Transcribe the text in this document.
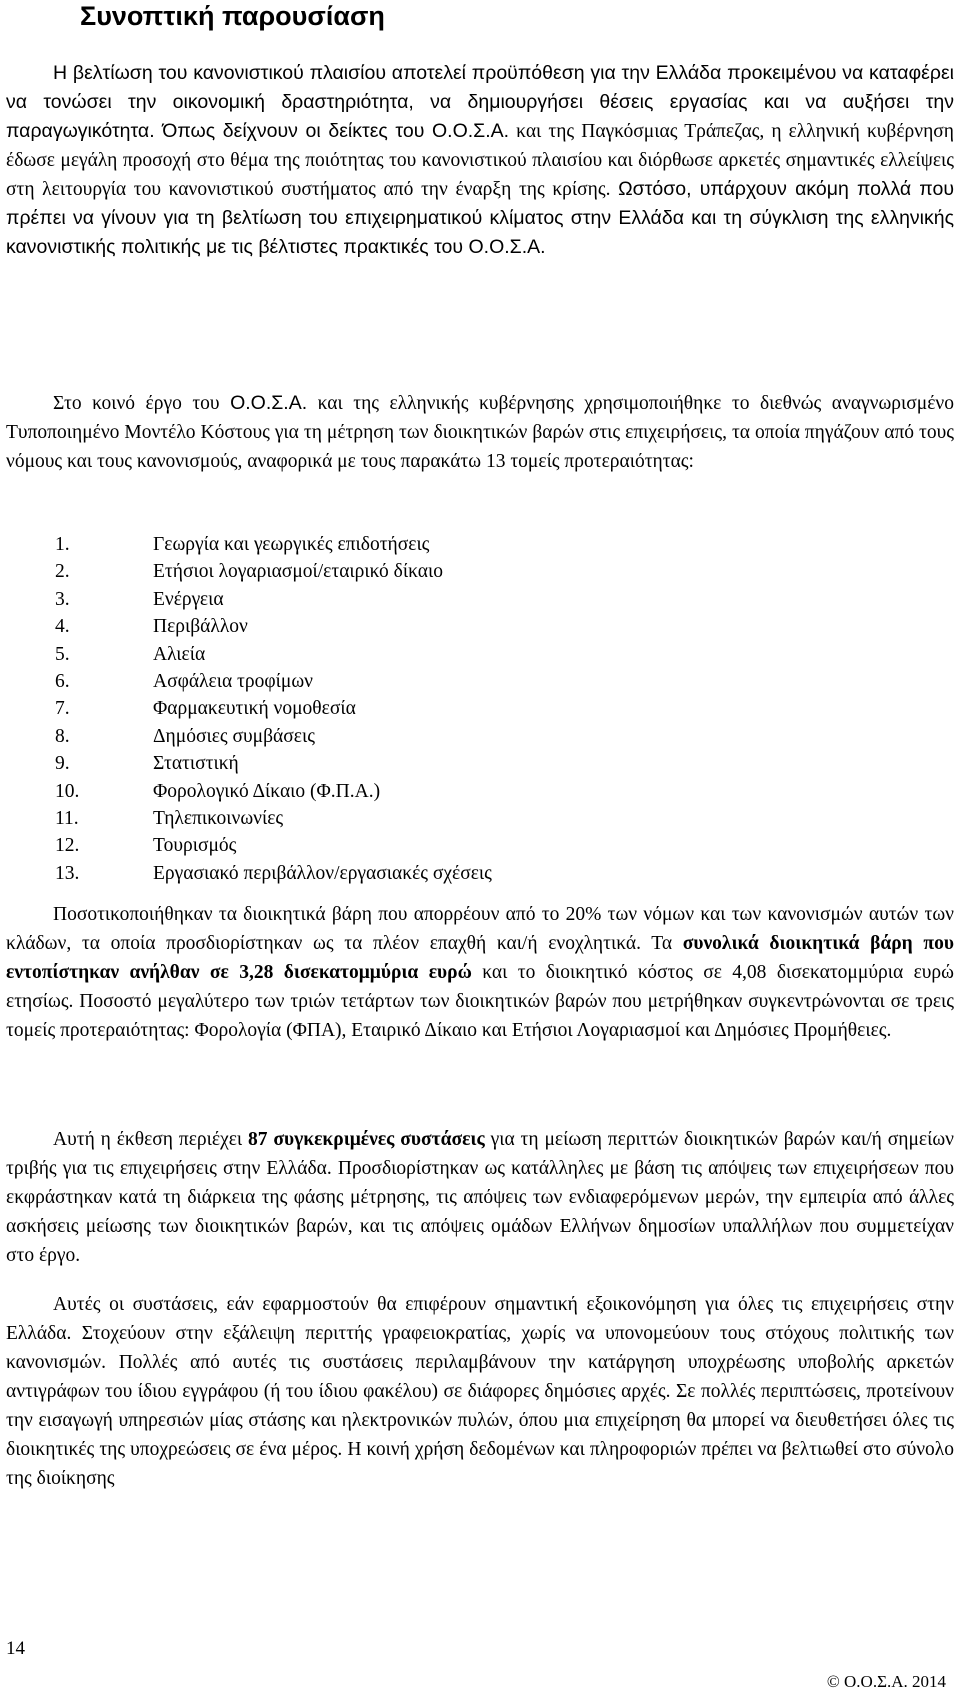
Συνοπτική παρουσίαση

Η βελτίωση του κανονιστικού πλαισίου αποτελεί προϋπόθεση για την Ελλάδα προκειμένου να καταφέρει να τονώσει την οικονομική δραστηριότητα, να δημιουργήσει θέσεις εργασίας και να αυξήσει την παραγωγικότητα. Όπως δείχνουν οι δείκτες του Ο.Ο.Σ.Α. και της Παγκόσμιας Τράπεζας, η ελληνική κυβέρνηση έδωσε μεγάλη προσοχή στο θέμα της ποιότητας του κανονιστικού πλαισίου και διόρθωσε αρκετές σημαντικές ελλείψεις στη λειτουργία του κανονιστικού συστήματος από την έναρξη της κρίσης. Ωστόσο, υπάρχουν ακόμη πολλά που πρέπει να γίνουν για τη βελτίωση του επιχειρηματικού κλίματος στην Ελλάδα και τη σύγκλιση της ελληνικής κανονιστικής πολιτικής με τις βέλτιστες πρακτικές του Ο.Ο.Σ.Α.

Στο κοινό έργο του Ο.Ο.Σ.Α. και της ελληνικής κυβέρνησης χρησιμοποιήθηκε το διεθνώς αναγνωρισμένο Τυποποιημένο Μοντέλο Κόστους για τη μέτρηση των διοικητικών βαρών στις επιχειρήσεις, τα οποία πηγάζουν από τους νόμους και τους κανονισμούς, αναφορικά με τους παρακάτω 13 τομείς προτεραιότητας:

1.	Γεωργία και γεωργικές επιδοτήσεις
2.	Ετήσιοι λογαριασμοί/εταιρικό δίκαιο
3.	Ενέργεια
4.	Περιβάλλον
5.	Αλιεία
6.	Ασφάλεια τροφίμων
7.	Φαρμακευτική νομοθεσία
8.	Δημόσιες συμβάσεις
9.	Στατιστική
10.	Φορολογικό Δίκαιο (Φ.Π.Α.)
11.	Τηλεπικοινωνίες
12.	Τουρισμός
13.	Εργασιακό περιβάλλον/εργασιακές σχέσεις

Ποσοτικοποιήθηκαν τα διοικητικά βάρη που απορρέουν από το 20% των νόμων και των κανονισμών αυτών των κλάδων, τα οποία προσδιορίστηκαν ως τα πλέον επαχθή και/ή ενοχλητικά. Τα συνολικά διοικητικά βάρη που εντοπίστηκαν ανήλθαν σε 3,28 δισεκατομμύρια ευρώ και το διοικητικό κόστος σε 4,08 δισεκατομμύρια ευρώ ετησίως. Ποσοστό μεγαλύτερο των τριών τετάρτων των διοικητικών βαρών που μετρήθηκαν συγκεντρώνονται σε τρεις τομείς προτεραιότητας: Φορολογία (ΦΠΑ), Εταιρικό Δίκαιο και Ετήσιοι Λογαριασμοί και Δημόσιες Προμήθειες.

Αυτή η έκθεση περιέχει 87 συγκεκριμένες συστάσεις για τη μείωση περιττών διοικητικών βαρών και/ή σημείων τριβής για τις επιχειρήσεις στην Ελλάδα. Προσδιορίστηκαν ως κατάλληλες με βάση τις απόψεις των επιχειρήσεων που εκφράστηκαν κατά τη διάρκεια της φάσης μέτρησης, τις απόψεις των ενδιαφερόμενων μερών, την εμπειρία από άλλες ασκήσεις μείωσης των διοικητικών βαρών, και τις απόψεις ομάδων Ελλήνων δημοσίων υπαλλήλων που συμμετείχαν στο έργο.

Αυτές οι συστάσεις, εάν εφαρμοστούν θα επιφέρουν σημαντική εξοικονόμηση για όλες τις επιχειρήσεις στην Ελλάδα. Στοχεύουν στην εξάλειψη περιττής γραφειοκρατίας, χωρίς να υπονομεύουν τους στόχους πολιτικής των κανονισμών. Πολλές από αυτές τις συστάσεις περιλαμβάνουν την κατάργηση υποχρέωσης υποβολής αρκετών αντιγράφων του ίδιου εγγράφου (ή του ίδιου φακέλου) σε διάφορες δημόσιες αρχές. Σε πολλές περιπτώσεις, προτείνουν την εισαγωγή υπηρεσιών μίας στάσης και ηλεκτρονικών πυλών, όπου μια επιχείρηση θα μπορεί να διευθετήσει όλες τις διοικητικές της υποχρεώσεις σε ένα μέρος. Η κοινή χρήση δεδομένων και πληροφοριών πρέπει να βελτιωθεί στο σύνολο της διοίκησης

14
© Ο.Ο.Σ.Α. 2014
